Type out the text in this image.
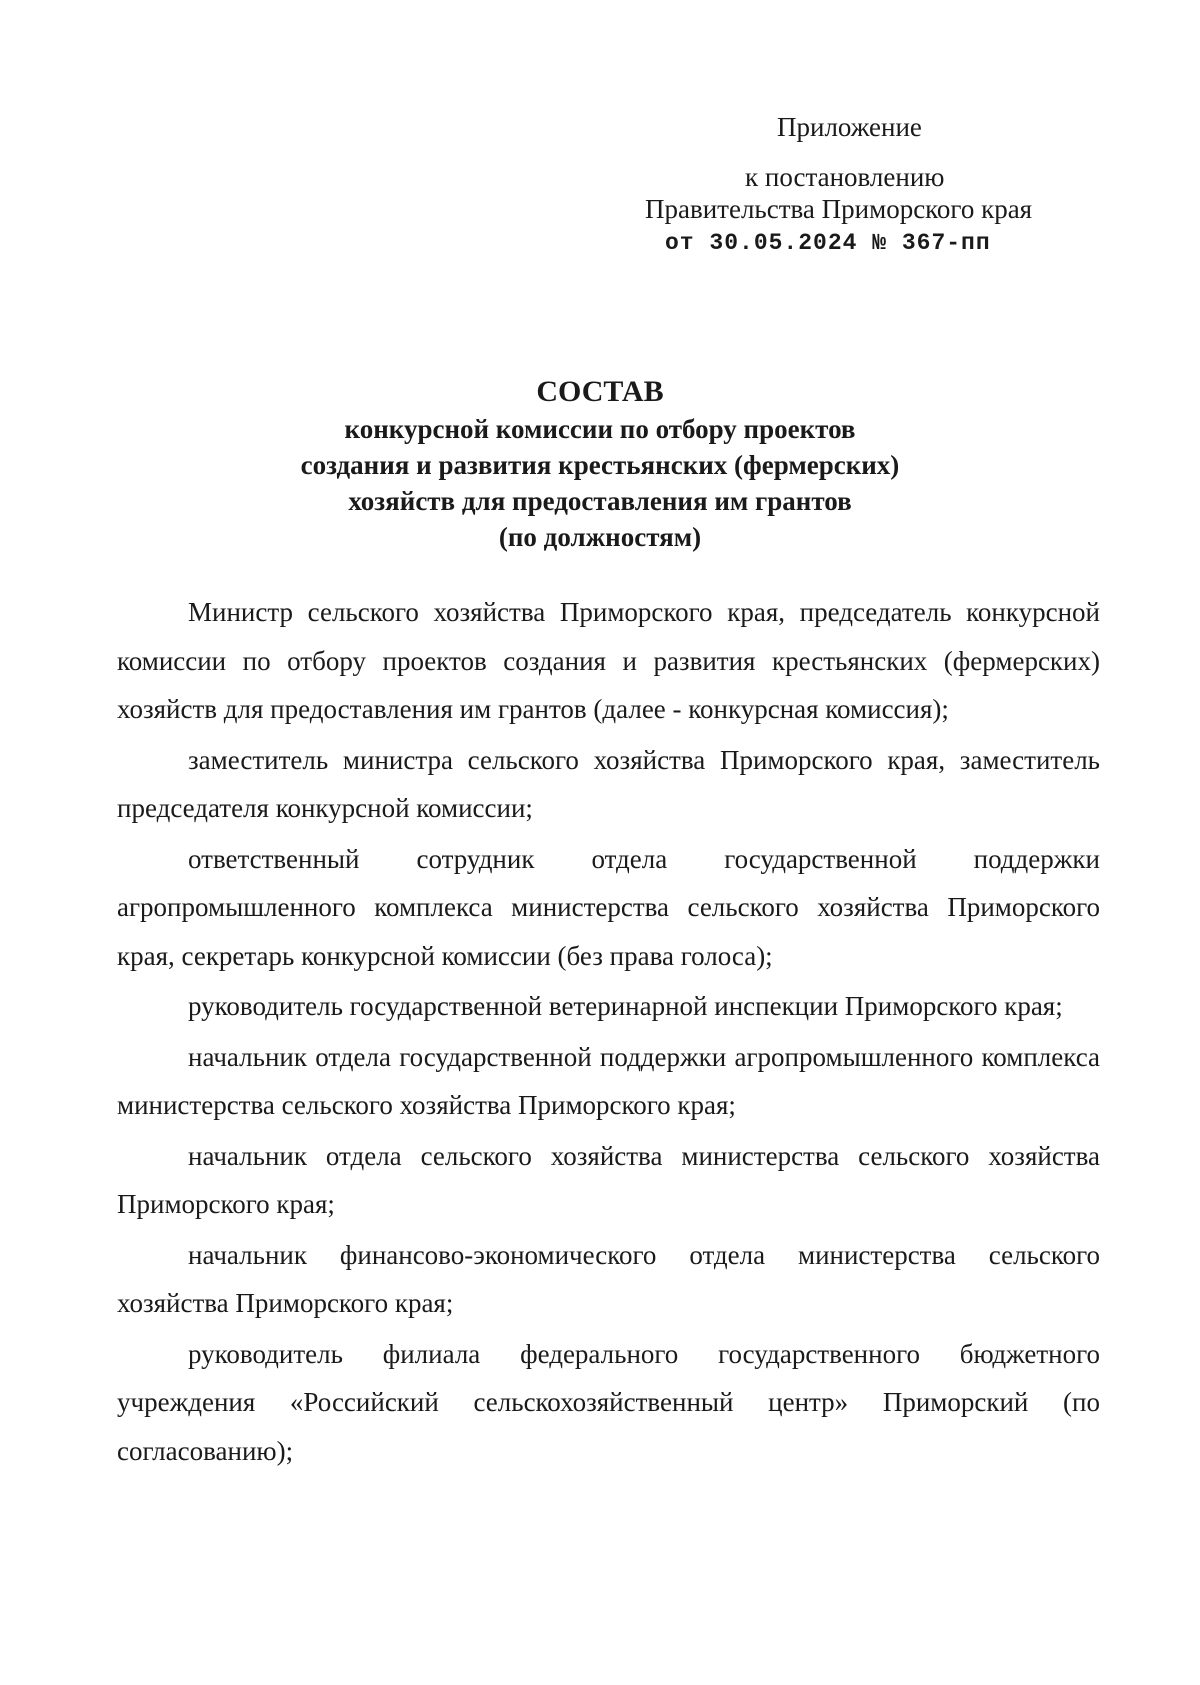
Приложение
к постановлению
Правительства Приморского края
от 30.05.2024 № 367-пп
СОСТАВ
конкурсной комиссии по отбору проектов
создания и развития крестьянских (фермерских)
хозяйств для предоставления им грантов
(по должностям)

Министр сельского хозяйства Приморского края, председатель конкурсной комиссии по отбору проектов создания и развития крестьянских (фермерских) хозяйств для предоставления им грантов (далее - конкурсная комиссия);

заместитель министра сельского хозяйства Приморского края, заместитель председателя конкурсной комиссии;

ответственный сотрудник отдела государственной поддержки агропромышленного комплекса министерства сельского хозяйства Приморского края, секретарь конкурсной комиссии (без права голоса);

руководитель государственной ветеринарной инспекции Приморского края;

начальник отдела государственной поддержки агропромышленного комплекса министерства сельского хозяйства Приморского края;

начальник отдела сельского хозяйства министерства сельского хозяйства Приморского края;

начальник финансово-экономического отдела министерства сельского хозяйства Приморского края;

руководитель филиала федерального государственного бюджетного учреждения «Российский сельскохозяйственный центр» Приморский (по согласованию);
